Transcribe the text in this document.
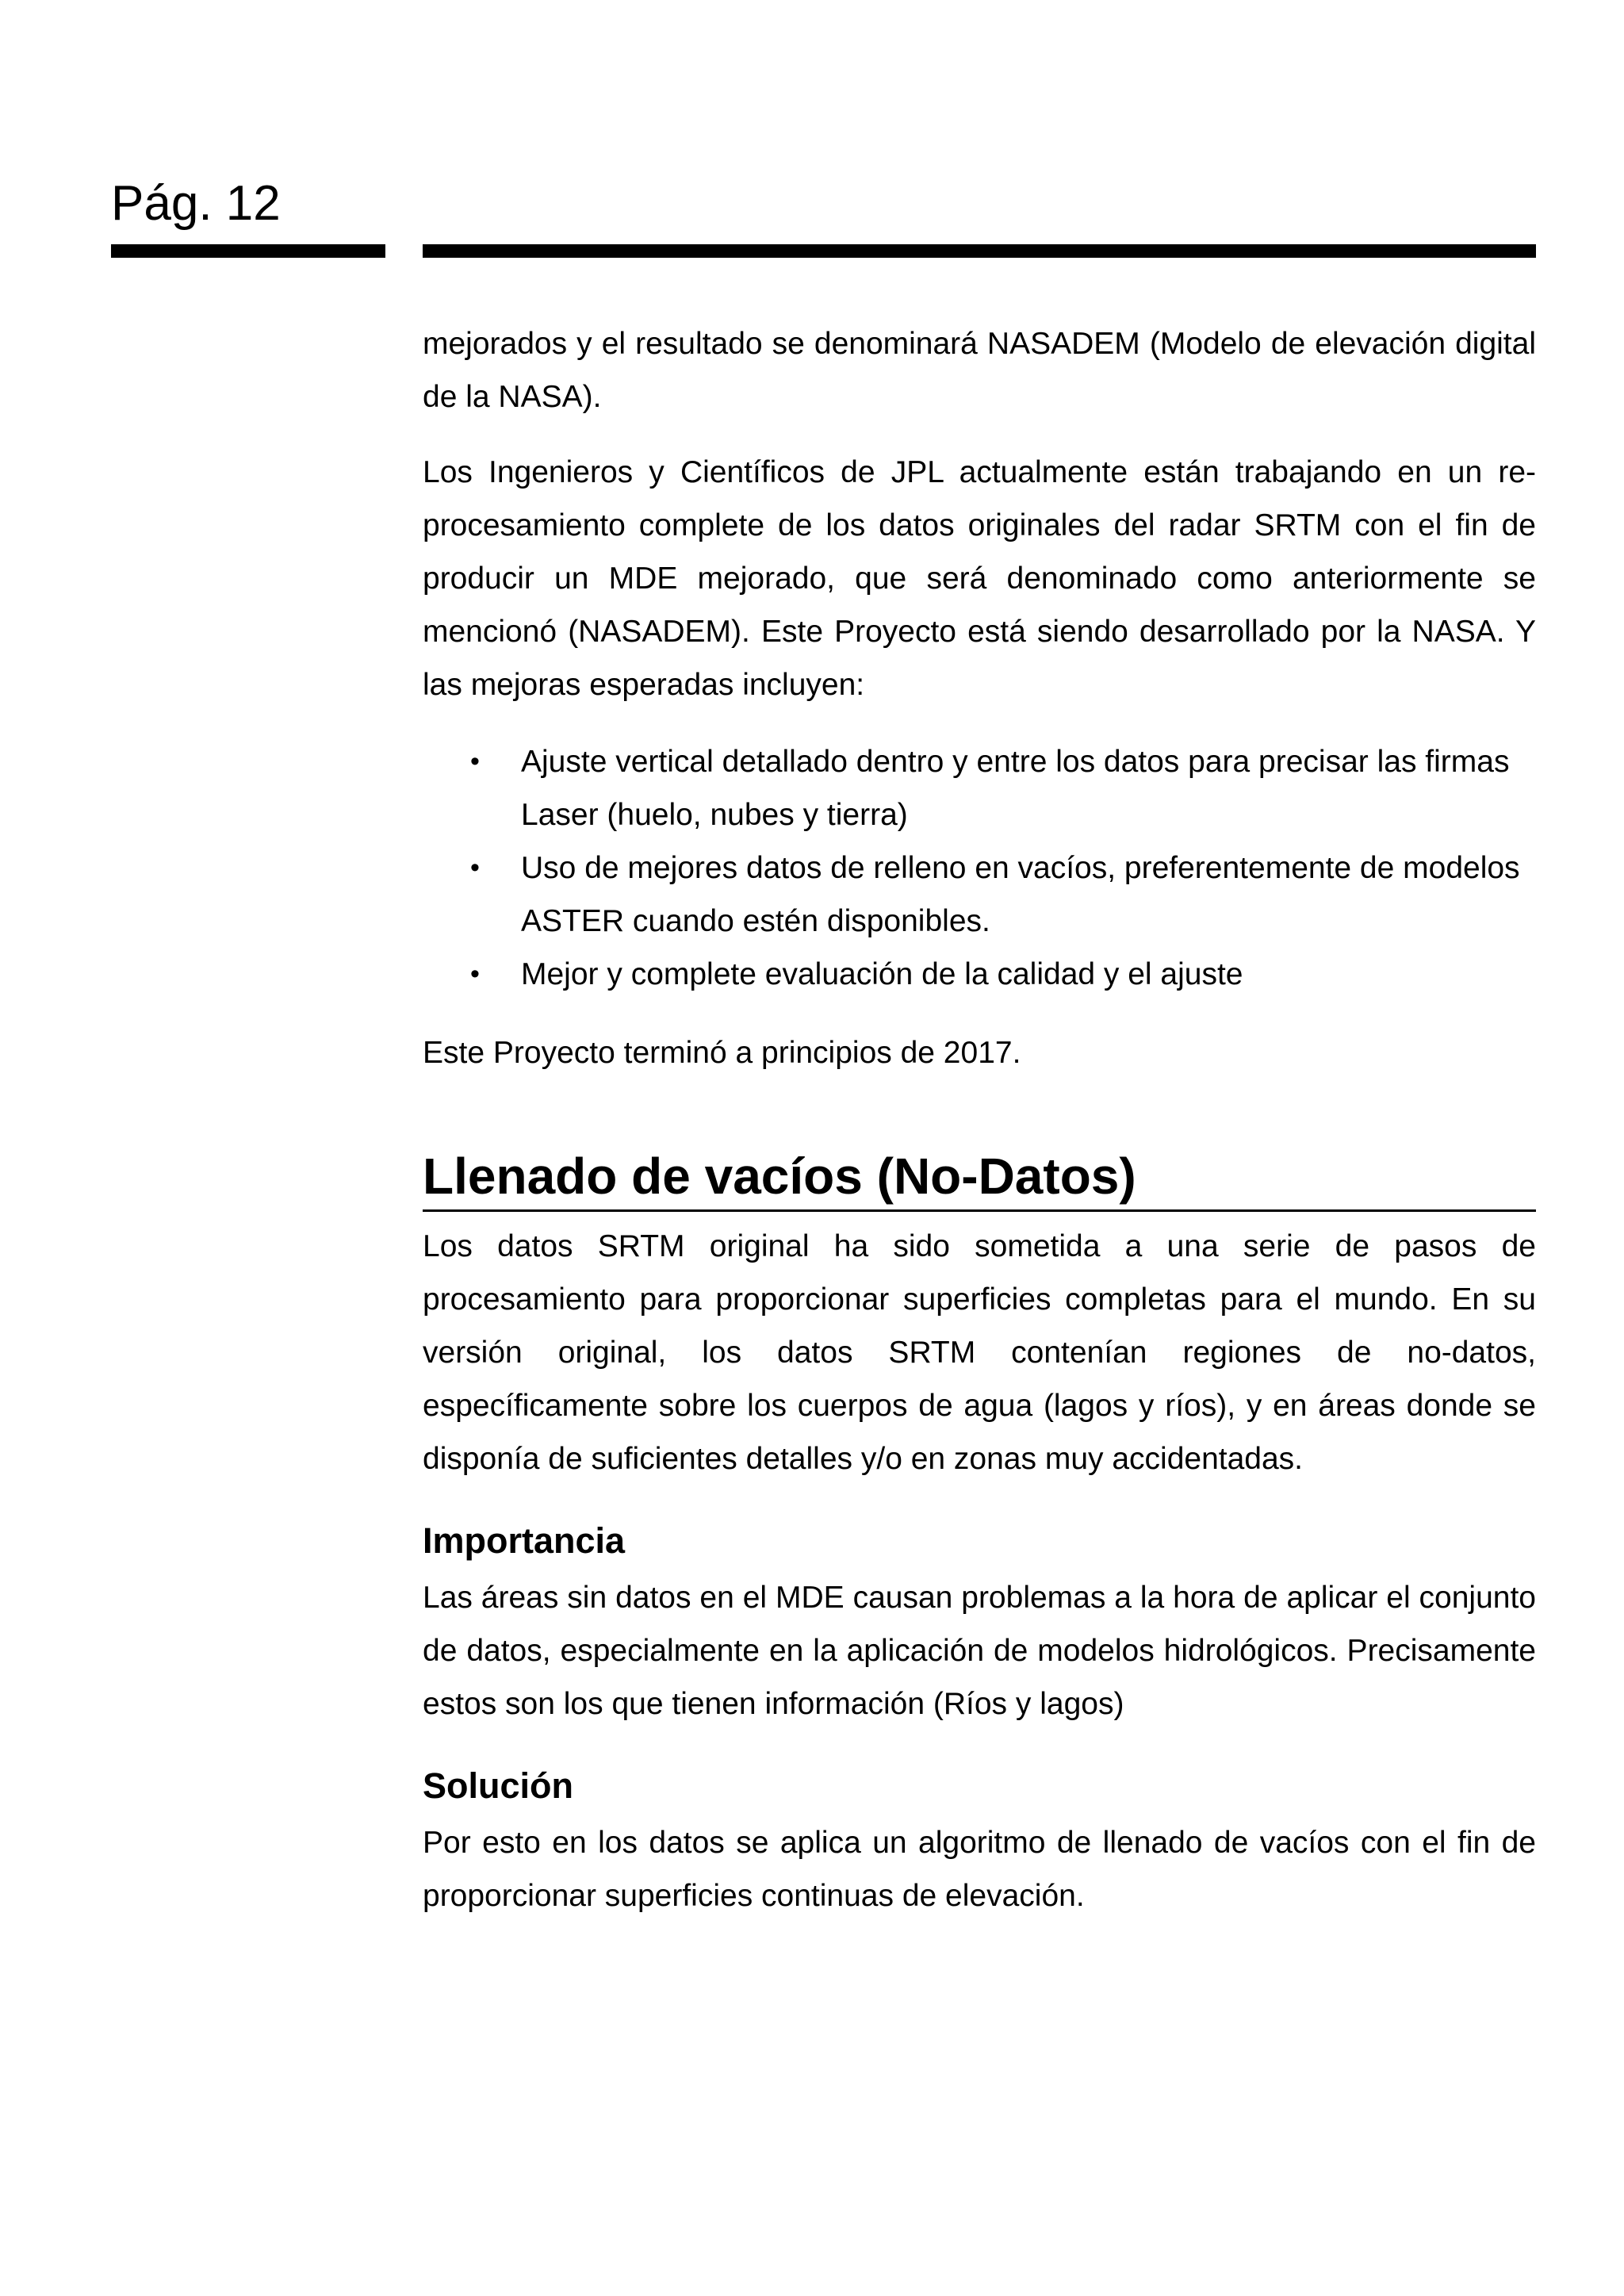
Pág. 12

mejorados y el resultado se denominará NASADEM (Modelo de elevación digital de la NASA).

Los Ingenieros y Científicos de JPL actualmente están trabajando en un re-procesamiento complete de los datos originales del radar SRTM con el fin de producir un MDE mejorado, que será denominado como anteriormente se mencionó (NASADEM). Este Proyecto está siendo desarrollado por la NASA. Y las mejoras esperadas incluyen:

• Ajuste vertical detallado dentro y entre los datos para precisar las firmas Laser (huelo, nubes y tierra)
• Uso de mejores datos de relleno en vacíos, preferentemente de modelos ASTER cuando estén disponibles.
• Mejor y complete evaluación de la calidad y el ajuste

Este Proyecto terminó a principios de 2017.

Llenado de vacíos (No-Datos)

Los datos SRTM original ha sido sometida a una serie de pasos de procesamiento para proporcionar superficies completas para el mundo. En su versión original, los datos SRTM contenían regiones de no-datos, específicamente sobre los cuerpos de agua (lagos y ríos), y en áreas donde se disponía de suficientes detalles y/o en zonas muy accidentadas.

Importancia

Las áreas sin datos en el MDE causan problemas a la hora de aplicar el conjunto de datos, especialmente en la aplicación de modelos hidrológicos. Precisamente estos son los que tienen información (Ríos y lagos)

Solución

Por esto en los datos se aplica un algoritmo de llenado de vacíos con el fin de proporcionar superficies continuas de elevación.
